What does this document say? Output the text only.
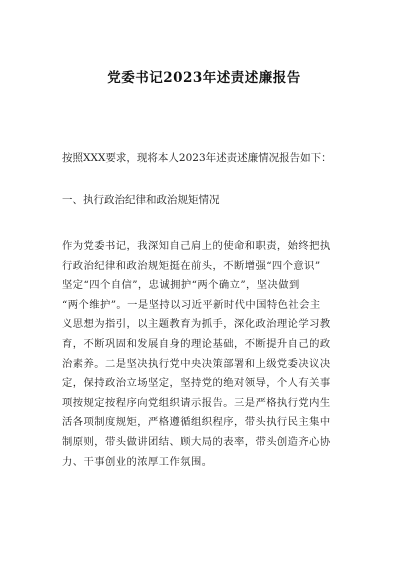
党委书记2023年述责述廉报告
按照XXX要求，现将本人2023年述责述廉情况报告如下：
一、执行政治纪律和政治规矩情况
作为党委书记，我深知自己肩上的使命和职责，始终把执
行政治纪律和政治规矩挺在前头，不断增强“四个意识”
坚定“四个自信”，忠诚拥护“两个确立”，坚决做到
“两个维护”。一是坚持以习近平新时代中国特色社会主
义思想为指引，以主题教育为抓手，深化政治理论学习教
育，不断巩固和发展自身的理论基础，不断提升自己的政
治素养。二是坚决执行党中央决策部署和上级党委决议决
定，保持政治立场坚定，坚持党的绝对领导，个人有关事
项按规定按程序向党组织请示报告。三是严格执行党内生
活各项制度规矩，严格遵循组织程序，带头执行民主集中
制原则，带头做讲团结、顾大局的表率，带头创造齐心协
力、干事创业的浓厚工作氛围。
